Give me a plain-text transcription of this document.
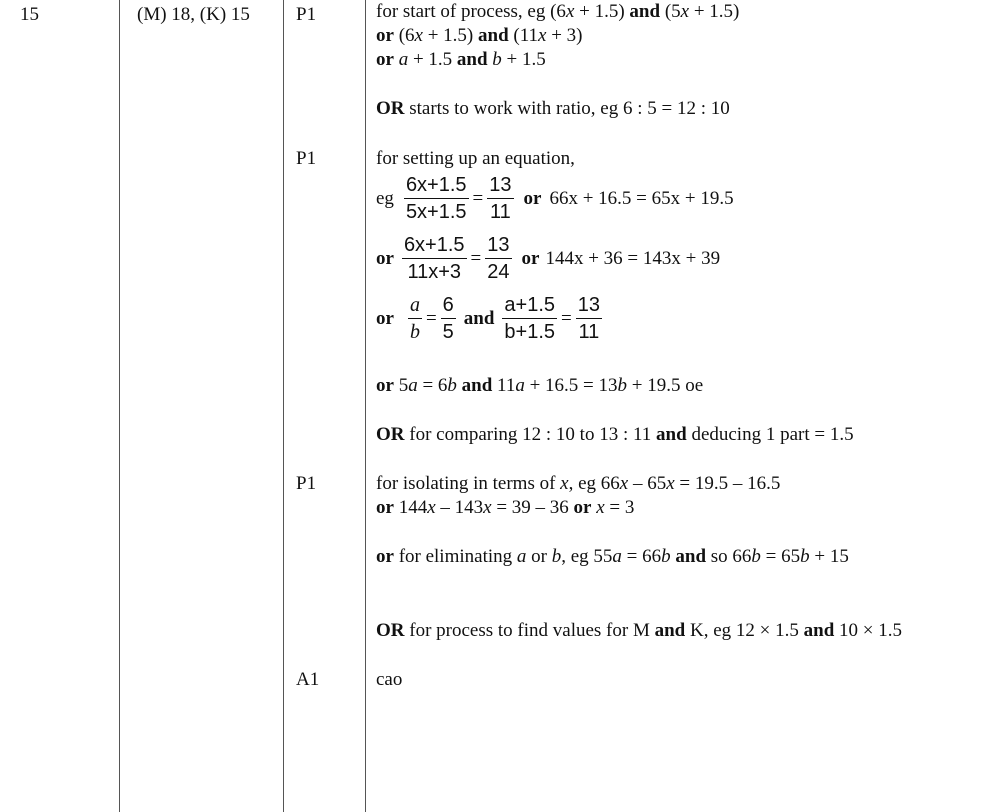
15	(M) 18, (K) 15 P1
P1
P1
A1
for start of process, eg (6x + 1.5) and (5x + 1.5)
or (6x + 1.5) and (11x + 3)
or a + 1.5 and b + 1.5
OR starts to work with ratio, eg 6 : 5 = 12 : 10
for setting up an equation,
eg $\frac{6x+1.5}{5x+1.5} = \frac{13}{11}$ or 66x + 16.5 = 65x + 19.5
or $\frac{6x+1.5}{11x+3} = \frac{13}{24}$ or 144x + 36 = 143x + 39
or $\frac{a}{b} = \frac{6}{5}$ and $\frac{a+1.5}{b+1.5} = \frac{13}{11}$
or 5a = 6b and 11a + 16.5 = 13b + 19.5 oe
OR for comparing 12 : 10 to 13 : 11 and deducing 1 part = 1.5
for isolating in terms of x, eg 66x – 65x = 19.5 – 16.5
or 144x – 143x = 39 – 36 or x = 3
or for eliminating a or b, eg 55a = 66b and so 66b = 65b + 15
OR for process to find values for M and K, eg 12 × 1.5 and 10 × 1.5
cao
